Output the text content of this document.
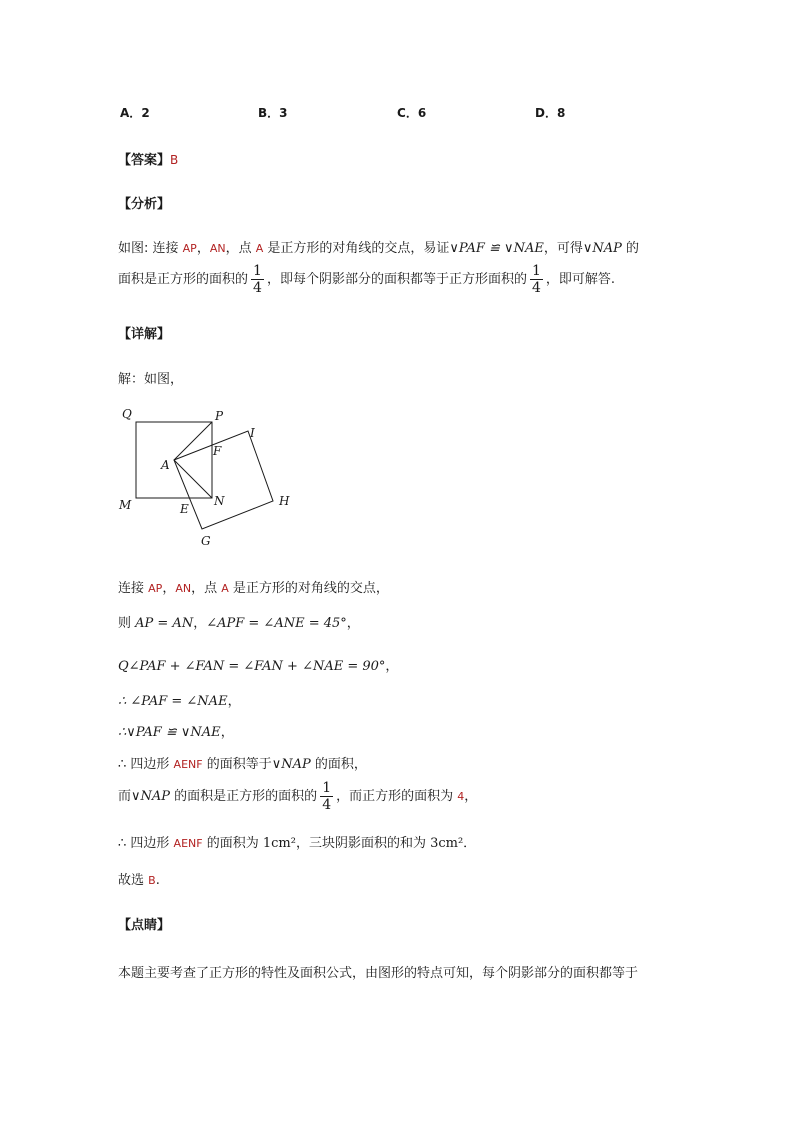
A．2	B．3	C．6	D．8
【答案】B
【分析】
如图: 连接 AP，AN，点 A 是正方形的对角线的交点，易证∨PAF ≌ ∨NAE，可得∨NAP 的
面积是正方形的面积的 $\frac{1}{4}$ ，即每个阴影部分的面积都等于正方形面积的 $\frac{1}{4}$ ，即可解答.
【详解】
解：如图，
Q	P
I
A
F
M	N
E
H
G
连接 AP，AN，点 A 是正方形的对角线的交点，
则 AP = AN，∠APF = ∠ANE = 45°，
Q∠PAF + ∠FAN = ∠FAN + ∠NAE = 90°，
∴ ∠PAF = ∠NAE，
∴∨PAF ≌ ∨NAE，
∴ 四边形 AENF 的面积等于∨NAP 的面积，
而∨NAP 的面积是正方形的面积的 $\frac{1}{4}$ ，而正方形的面积为 4，
∴ 四边形 AENF 的面积为 1cm²，三块阴影面积的和为 3cm²．
故选 B.
【点睛】
本题主要考查了正方形的特性及面积公式，由图形的特点可知，每个阴影部分的面积都等于
